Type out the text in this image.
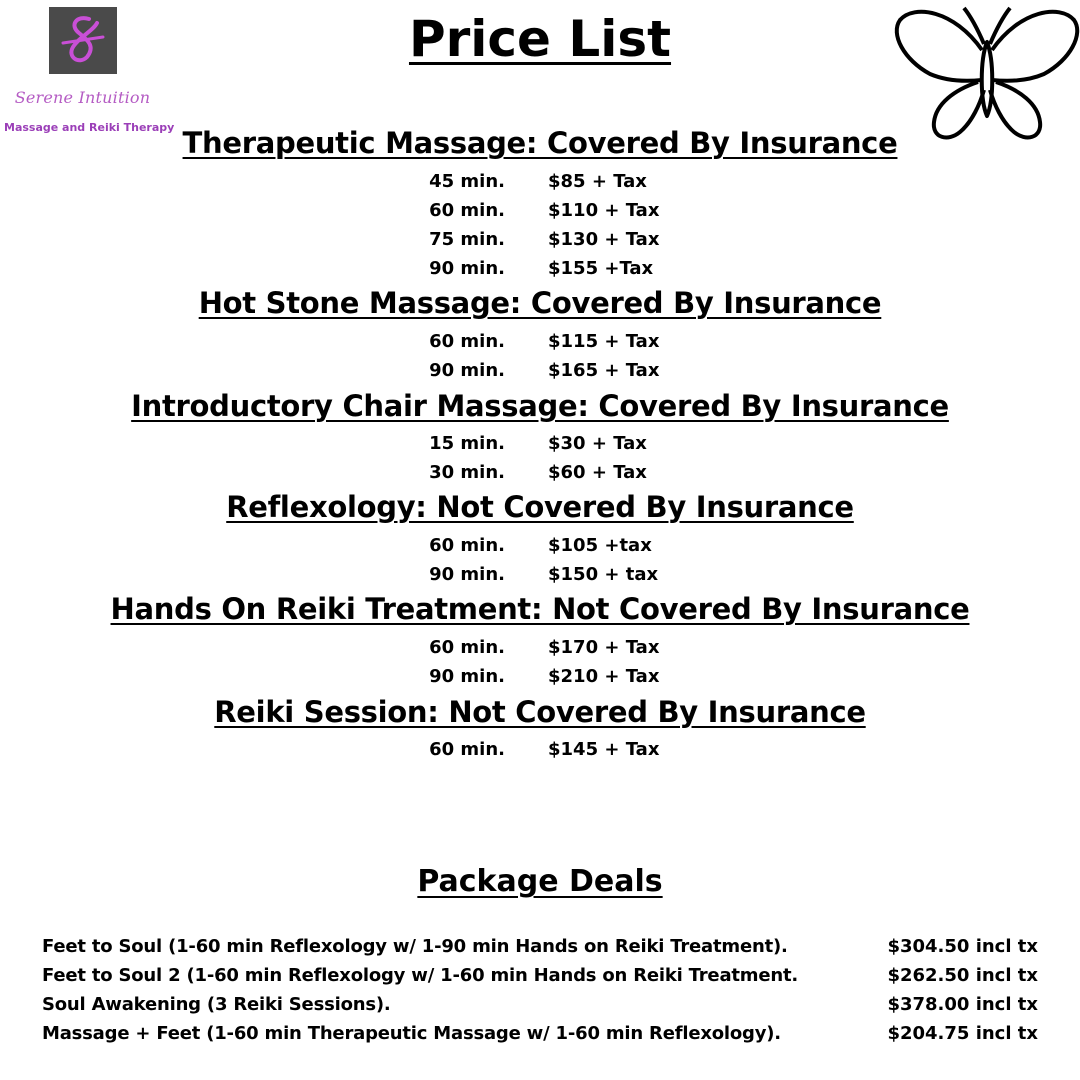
Serene Intuition
Massage and Reiki Therapy
Price List
Therapeutic Massage: Covered By Insurance
45 min. $85 + Tax
60 min. $110 + Tax
75 min. $130 + Tax
90 min. $155 +Tax
Hot Stone Massage: Covered By Insurance
60 min. $115 + Tax
90 min. $165 + Tax
Introductory Chair Massage: Covered By Insurance
15 min. $30 + Tax
30 min. $60 + Tax
Reflexology: Not Covered By Insurance
60 min. $105 +tax
90 min. $150 + tax
Hands On Reiki Treatment: Not Covered By Insurance
60 min. $170 + Tax
90 min. $210 + Tax
Reiki Session: Not Covered By Insurance
60 min. $145 + Tax
Package Deals
Feet to Soul (1-60 min Reflexology w/ 1-90 min Hands on Reiki Treatment).	$304.50 incl tx
Feet to Soul 2 (1-60 min Reflexology w/ 1-60 min Hands on Reiki Treatment.	$262.50 incl tx
Soul Awakening (3 Reiki Sessions).	$378.00 incl tx
Massage + Feet (1-60 min Therapeutic Massage w/ 1-60 min Reflexology).	$204.75 incl tx
